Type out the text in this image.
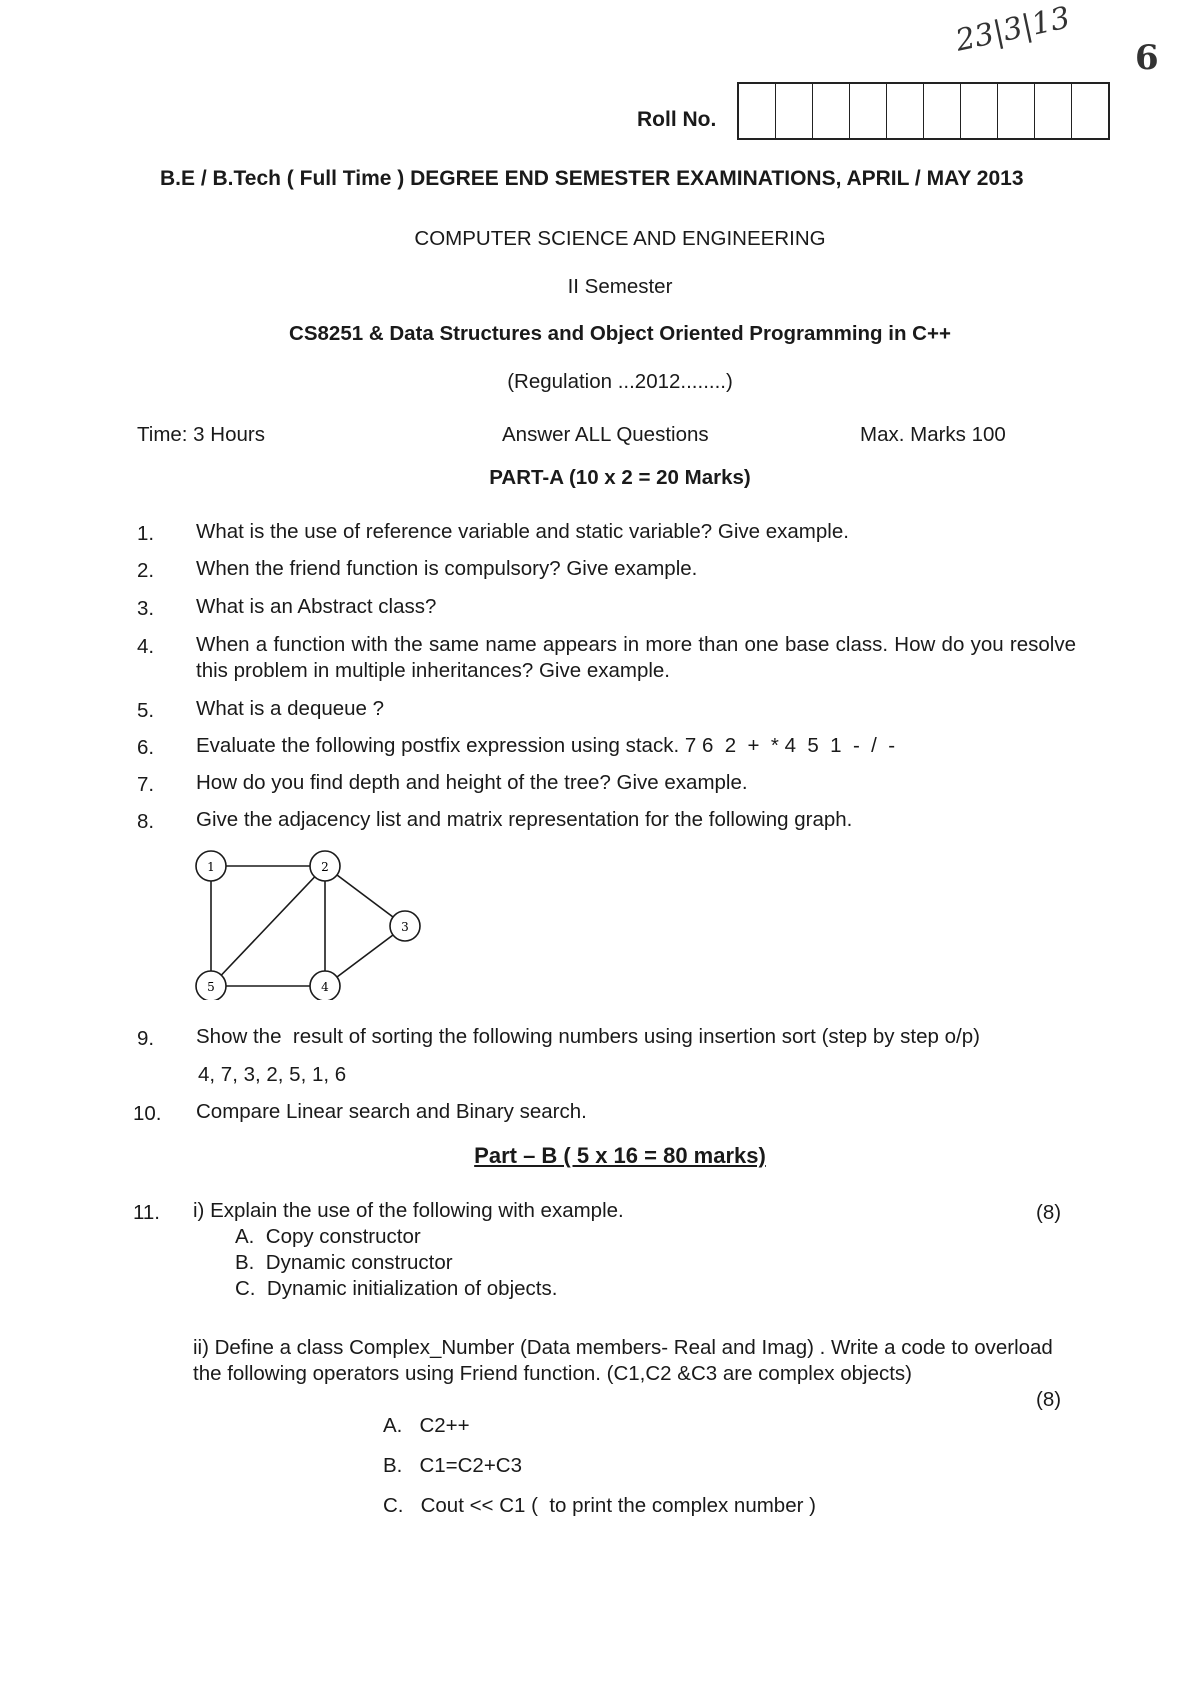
23|3|13 6
Roll No.
B.E / B.Tech ( Full Time ) DEGREE END SEMESTER EXAMINATIONS, APRIL / MAY 2013
COMPUTER SCIENCE AND ENGINEERING
II Semester
CS8251 & Data Structures and Object Oriented Programming in C++
(Regulation ...2012........)
Time: 3 Hours	Answer ALL Questions	Max. Marks 100
PART-A (10 x 2 = 20 Marks)
1. What is the use of reference variable and static variable? Give example.
2. When the friend function is compulsory? Give example.
3. What is an Abstract class?
4. When a function with the same name appears in more than one base class. How do you resolve this problem in multiple inheritances? Give example.
5. What is a dequeue ?
6. Evaluate the following postfix expression using stack. 7 6  2  +  * 4  5  1  -  /  -
7. How do you find depth and height of the tree? Give example.
8. Give the adjacency list and matrix representation for the following graph.
1	2
3
4
5
9. Show the  result of sorting the following numbers using insertion sort (step by step o/p)
4, 7, 3, 2, 5, 1, 6
10. Compare Linear search and Binary search.
Part – B ( 5 x 16 = 80 marks)
11. i) Explain the use of the following with example.	(8)
A.  Copy constructor
B.  Dynamic constructor
C.  Dynamic initialization of objects.
ii) Define a class Complex_Number (Data members- Real and Imag) . Write a code to overload the following operators using Friend function. (C1,C2 &C3 are complex objects)
(8)
A.   C2++
B.   C1=C2+C3
C.   Cout << C1 (  to print the complex number )
